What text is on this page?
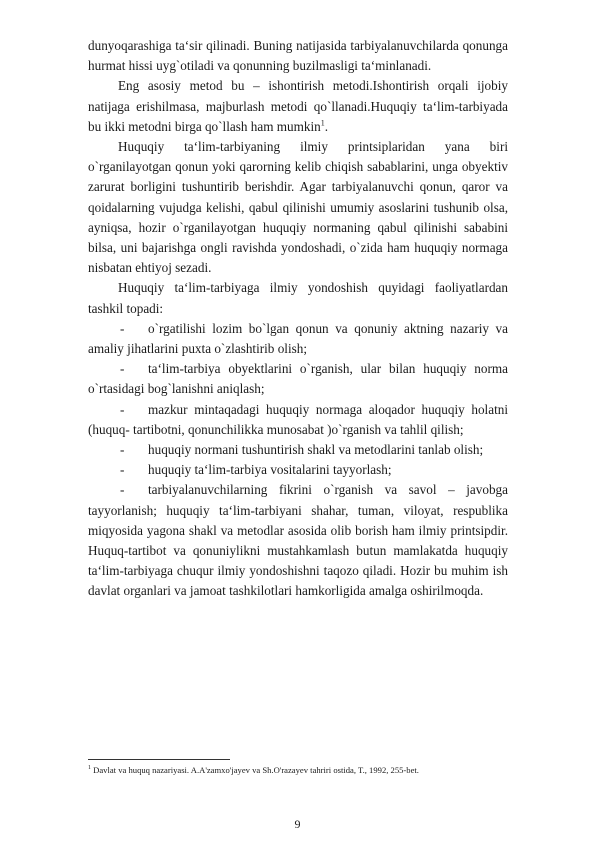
dunyoqarashiga ta‘sir qilinadi. Buning natijasida tarbiyalanuvchilarda qonunga hurmat hissi uyg`otiladi va qonunning buzilmasligi ta‘minlanadi.

Eng asosiy metod bu – ishontirish metodi.Ishontirish orqali ijobiy natijaga erishilmasa, majburlash metodi qo`llanadi.Huquqiy ta‘lim-tarbiyada bu ikki metodni birga qo`llash ham mumkin$^1$.

Huquqiy ta‘lim-tarbiyaning ilmiy printsiplaridan yana biri o`rganilayotgan qonun yoki qarorning kelib chiqish sabablarini, unga obyektiv zarurat borligini tushuntirib berishdir. Agar tarbiyalanuvchi qonun, qaror va qoidalarning vujudga kelishi, qabul qilinishi umumiy asoslarini tushunib olsa, ayniqsa, hozir o`rganilayotgan huquqiy normaning qabul qilinishi sababini bilsa, uni bajarishga ongli ravishda yondoshadi, o`zida ham huquqiy normaga nisbatan ehtiyoj sezadi.

Huquqiy ta‘lim-tarbiyaga ilmiy yondoshish quyidagi faoliyatlardan tashkil topadi:

- o`rgatilishi lozim bo`lgan qonun va qonuniy aktning nazariy va amaliy jihatlarini puxta o`zlashtirib olish;

- ta‘lim-tarbiya obyektlarini o`rganish, ular bilan huquqiy norma o`rtasidagi bog`lanishni aniqlash;

- mazkur mintaqadagi huquqiy normaga aloqador huquqiy holatni (huquq- tartibotni, qonunchilikka munosabat )o`rganish va tahlil qilish;

- huquqiy normani tushuntirish shakl va metodlarini tanlab olish;

- huquqiy ta‘lim-tarbiya vositalarini tayyorlash;

- tarbiyalanuvchilarning fikrini o`rganish va savol – javobga tayyorlanish; huquqiy ta‘lim-tarbiyani shahar, tuman, viloyat, respublika miqyosida yagona shakl va metodlar asosida olib borish ham ilmiy printsipdir. Huquq-tartibot va qonuniylikni mustahkamlash butun mamlakatda huquqiy ta‘lim-tarbiyaga chuqur ilmiy yondoshishni taqozo qiladi. Hozir bu muhim ish davlat organlari va jamoat tashkilotlari hamkorligida amalga oshirilmoqda.

$^1$ Davlat va huquq nazariyasi. A.A'zamxo'jayev va Sh.O'razayev tahriri ostida, T., 1992, 255-bet.
9
